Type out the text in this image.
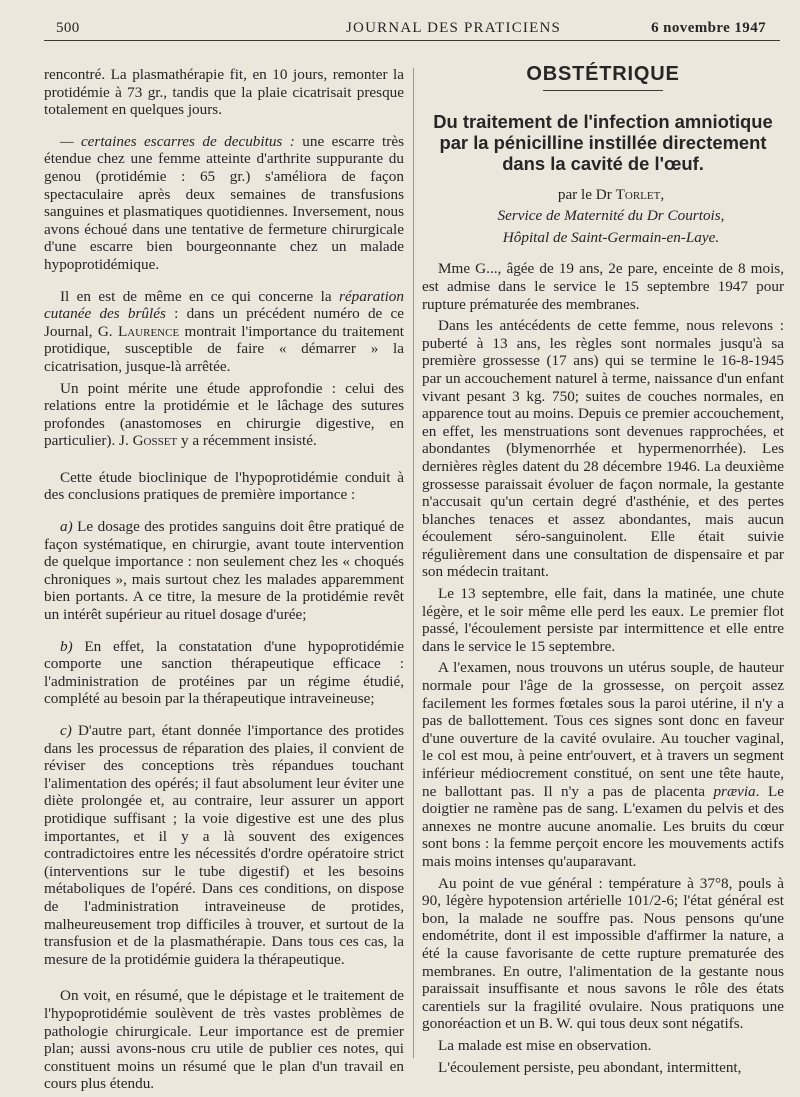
500	JOURNAL DES PRATICIENS	6 novembre 1947

rencontré. La plasmathérapie fit, en 10 jours, remonter la protidémie à 73 gr., tandis que la plaie cicatrisait presque totalement en quelques jours.

— certaines escarres de decubitus : une escarre très étendue chez une femme atteinte d'arthrite suppurante du genou (protidémie : 65 gr.) s'améliora de façon spectaculaire après deux semaines de transfusions sanguines et plasmatiques quotidiennes. Inversement, nous avons échoué dans une tentative de fermeture chirurgicale d'une escarre bien bourgeonnante chez un malade hypoprotidémique.

Il en est de même en ce qui concerne la réparation cutanée des brûlés : dans un précédent numéro de ce Journal, G. Laurence montrait l'importance du traitement protidique, susceptible de faire « démarrer » la cicatrisation, jusque-là arrêtée.

Un point mérite une étude approfondie : celui des relations entre la protidémie et le lâchage des sutures profondes (anastomoses en chirurgie digestive, en particulier). J. Gosset y a récemment insisté.

Cette étude bioclinique de l'hypoprotidémie conduit à des conclusions pratiques de première importance :

a) Le dosage des protides sanguins doit être pratiqué de façon systématique, en chirurgie, avant toute intervention de quelque importance : non seulement chez les « choqués chroniques », mais surtout chez les malades apparemment bien portants. A ce titre, la mesure de la protidémie revêt un intérêt supérieur au rituel dosage d'urée;

b) En effet, la constatation d'une hypoprotidémie comporte une sanction thérapeutique efficace : l'administration de protéines par un régime étudié, complété au besoin par la thérapeutique intraveineuse;

c) D'autre part, étant donnée l'importance des protides dans les processus de réparation des plaies, il convient de réviser des conceptions très répandues touchant l'alimentation des opérés; il faut absolument leur éviter une diète prolongée et, au contraire, leur assurer un apport protidique suffisant ; la voie digestive est une des plus importantes, et il y a là souvent des exigences contradictoires entre les nécessités d'ordre opératoire strict (interventions sur le tube digestif) et les besoins métaboliques de l'opéré. Dans ces conditions, on dispose de l'administration intraveineuse de protides, malheureusement trop difficiles à trouver, et surtout de la transfusion et de la plasmathérapie. Dans tous ces cas, la mesure de la protidémie guidera la thérapeutique.

On voit, en résumé, que le dépistage et le traitement de l'hypoprotidémie soulèvent de très vastes problèmes de pathologie chirurgicale. Leur importance est de premier plan; aussi avons-nous cru utile de publier ces notes, qui constituent moins un résumé que le plan d'un travail en cours plus étendu.

OBSTÉTRIQUE
Du traitement de l'infection amniotique par la pénicilline instillée directement dans la cavité de l'œuf.

par le Dr Torlet,

Service de Maternité du Dr Courtois,

Hôpital de Saint-Germain-en-Laye.

Mme G..., âgée de 19 ans, 2e pare, enceinte de 8 mois, est admise dans le service le 15 septembre 1947 pour rupture prématurée des membranes.

Dans les antécédents de cette femme, nous relevons : puberté à 13 ans, les règles sont normales jusqu'à sa première grossesse (17 ans) qui se termine le 16-8-1945 par un accouchement naturel à terme, naissance d'un enfant vivant pesant 3 kg. 750; suites de couches normales, en apparence tout au moins. Depuis ce premier accouchement, en effet, les menstruations sont devenues rapprochées, et abondantes (blymenorrhée et hypermenorrhée). Les dernières règles datent du 28 décembre 1946. La deuxième grossesse paraissait évoluer de façon normale, la gestante n'accusait qu'un certain degré d'asthénie, et des pertes blanches tenaces et assez abondantes, mais aucun écoulement séro-sanguinolent. Elle était suivie régulièrement dans une consultation de dispensaire et par son médecin traitant.

Le 13 septembre, elle fait, dans la matinée, une chute légère, et le soir même elle perd les eaux. Le premier flot passé, l'écoulement persiste par intermittence et elle entre dans le service le 15 septembre.

A l'examen, nous trouvons un utérus souple, de hauteur normale pour l'âge de la grossesse, on perçoit assez facilement les formes fœtales sous la paroi utérine, il n'y a pas de ballottement. Tous ces signes sont donc en faveur d'une ouverture de la cavité ovulaire. Au toucher vaginal, le col est mou, à peine entr'ouvert, et à travers un segment inférieur médiocrement constitué, on sent une tête haute, ne ballottant pas. Il n'y a pas de placenta prævia. Le doigtier ne ramène pas de sang. L'examen du pelvis et des annexes ne montre aucune anomalie. Les bruits du cœur sont bons : la femme perçoit encore les mouvements actifs mais moins intenses qu'auparavant.

Au point de vue général : température à 37°8, pouls à 90, légère hypotension artérielle 101/2-6; l'état général est bon, la malade ne souffre pas. Nous pensons qu'une endométrite, dont il est impossible d'affirmer la nature, a été la cause favorisante de cette rupture prematurée des membranes. En outre, l'alimentation de la gestante nous paraissait insuffisante et nous savons le rôle des états carentiels sur la fragilité ovulaire. Nous pratiquons une gonoréaction et un B. W. qui tous deux sont négatifs.

La malade est mise en observation.

L'écoulement persiste, peu abondant, intermittent,
